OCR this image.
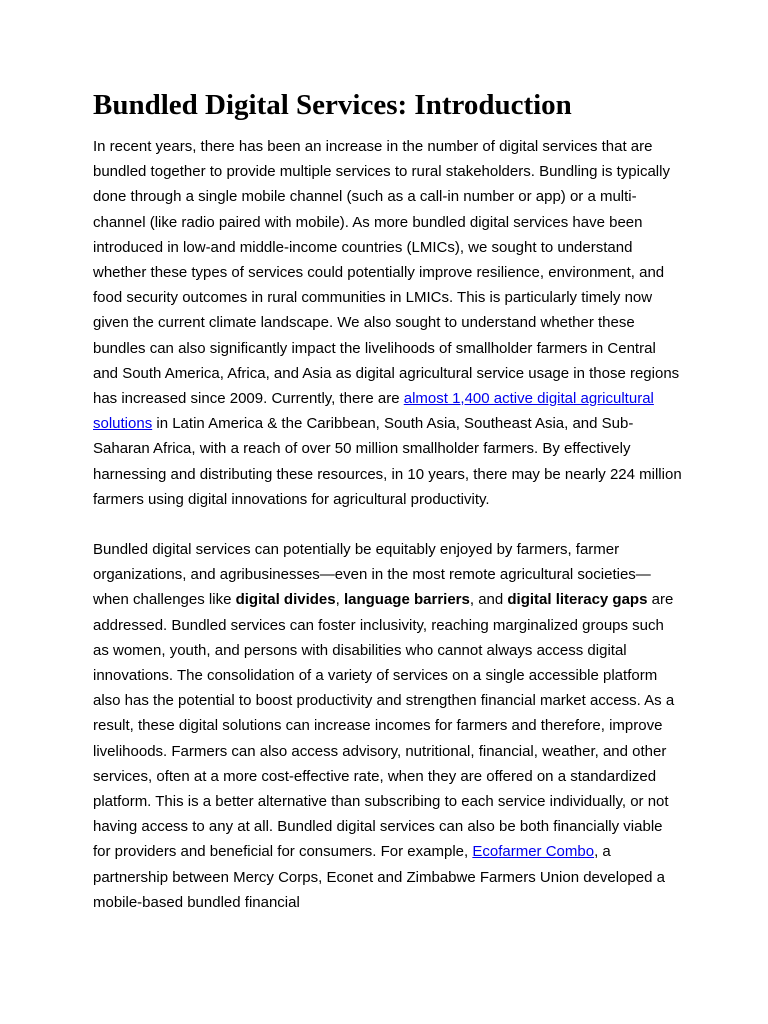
Bundled Digital Services: Introduction

In recent years, there has been an increase in the number of digital services that are bundled together to provide multiple services to rural stakeholders. Bundling is typically done through a single mobile channel (such as a call-in number or app) or a multi-channel (like radio paired with mobile). As more bundled digital services have been introduced in low-and middle-income countries (LMICs), we sought to understand whether these types of services could potentially improve resilience, environment, and food security outcomes in rural communities in LMICs. This is particularly timely now given the current climate landscape. We also sought to understand whether these bundles can also significantly impact the livelihoods of smallholder farmers in Central and South America, Africa, and Asia as digital agricultural service usage in those regions has increased since 2009. Currently, there are almost 1,400 active digital agricultural solutions in Latin America & the Caribbean, South Asia, Southeast Asia, and Sub-Saharan Africa, with a reach of over 50 million smallholder farmers. By effectively harnessing and distributing these resources, in 10 years, there may be nearly 224 million farmers using digital innovations for agricultural productivity.

Bundled digital services can potentially be equitably enjoyed by farmers, farmer organizations, and agribusinesses—even in the most remote agricultural societies—when challenges like digital divides, language barriers, and digital literacy gaps are addressed. Bundled services can foster inclusivity, reaching marginalized groups such as women, youth, and persons with disabilities who cannot always access digital innovations. The consolidation of a variety of services on a single accessible platform also has the potential to boost productivity and strengthen financial market access. As a result, these digital solutions can increase incomes for farmers and therefore, improve livelihoods. Farmers can also access advisory, nutritional, financial, weather, and other services, often at a more cost-effective rate, when they are offered on a standardized platform. This is a better alternative than subscribing to each service individually, or not having access to any at all. Bundled digital services can also be both financially viable for providers and beneficial for consumers. For example, Ecofarmer Combo, a partnership between Mercy Corps, Econet and Zimbabwe Farmers Union developed a mobile-based bundled financial
